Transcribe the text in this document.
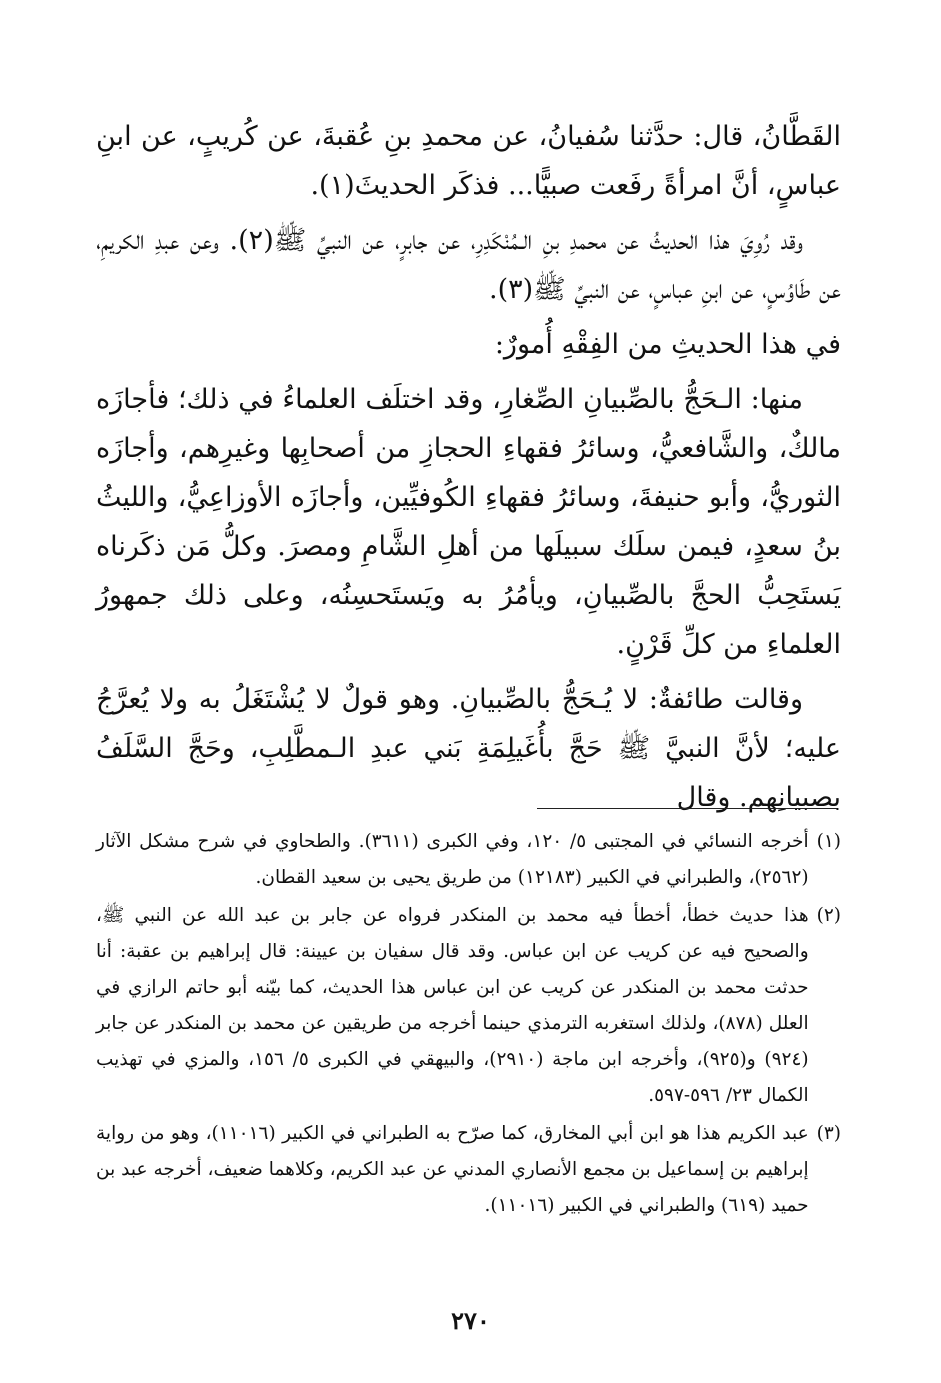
القَطَّانُ، قال: حدَّثنا سُفيانُ، عن محمدِ بنِ عُقبةَ، عن كُريبٍ، عن ابنِ عباسٍ، أنَّ امرأةً رفَعت صبيًّا... فذكَر الحديثَ(١).

وقد رُوِيَ هذا الحديثُ عن محمدِ بنِ الـمُنْكَدِرِ، عن جابرٍ، عن النبيِّ ﷺ(٢). وعن عبدِ الكريمِ، عن طَاوُسٍ، عن ابنِ عباسٍ، عن النبيِّ ﷺ(٣).

في هذا الحديثِ من الفِقْهِ أُمورٌ:

منها: الـحَجُّ بالصِّبيانِ الصِّغارِ، وقد اختلَف العلماءُ في ذلك؛ فأجازَه مالكٌ، والشَّافعيُّ، وسائرُ فقهاءِ الحجازِ من أصحابِها وغيرِهم، وأجازَه الثوريُّ، وأبو حنيفةَ، وسائرُ فقهاءِ الكُوفيِّين، وأجازَه الأوزاعِيُّ، والليثُ بنُ سعدٍ، فيمن سلَك سبيلَها من أهلِ الشَّامِ ومصرَ. وكلُّ مَن ذكَرناه يَستَحِبُّ الحجَّ بالصِّبيانِ، ويأمُرُ به ويَستَحسِنُه، وعلى ذلك جمهورُ العلماءِ من كلِّ قَرْنٍ.

وقالت طائفةٌ: لا يُـحَجُّ بالصِّبيانِ. وهو قولٌ لا يُشْتَغَلُ به ولا يُعرَّجُ عليه؛ لأنَّ النبيَّ ﷺ حَجَّ بأُغَيلِمَةِ بَني عبدِ الـمطَّلِبِ، وحَجَّ السَّلَفُ بصبيانِهم. وقال

(١)
أخرجه النسائي في المجتبى ٥/ ١٢٠، وفي الكبرى (٣٦١١). والطحاوي في شرح مشكل الآثار (٢٥٦٢)، والطبراني في الكبير (١٢١٨٣) من طريق يحيى بن سعيد القطان.
(٢)
هذا حديث خطأ، أخطأ فيه محمد بن المنكدر فرواه عن جابر بن عبد الله عن النبي ﷺ، والصحيح فيه عن كريب عن ابن عباس. وقد قال سفيان بن عيينة: قال إبراهيم بن عقبة: أنا حدثت محمد بن المنكدر عن كريب عن ابن عباس هذا الحديث، كما بيّنه أبو حاتم الرازي في العلل (٨٧٨)، ولذلك استغربه الترمذي حينما أخرجه من طريقين عن محمد بن المنكدر عن جابر (٩٢٤) و(٩٢٥)، وأخرجه ابن ماجة (٢٩١٠)، والبيهقي في الكبرى ٥/ ١٥٦، والمزي في تهذيب الكمال ٢٣/ ٥٩٦-٥٩٧.
(٣)
عبد الكريم هذا هو ابن أبي المخارق، كما صرّح به الطبراني في الكبير (١١٠١٦)، وهو من رواية إبراهيم بن إسماعيل بن مجمع الأنصاري المدني عن عبد الكريم، وكلاهما ضعيف، أخرجه عبد بن حميد (٦١٩) والطبراني في الكبير (١١٠١٦).
٢٧٠
